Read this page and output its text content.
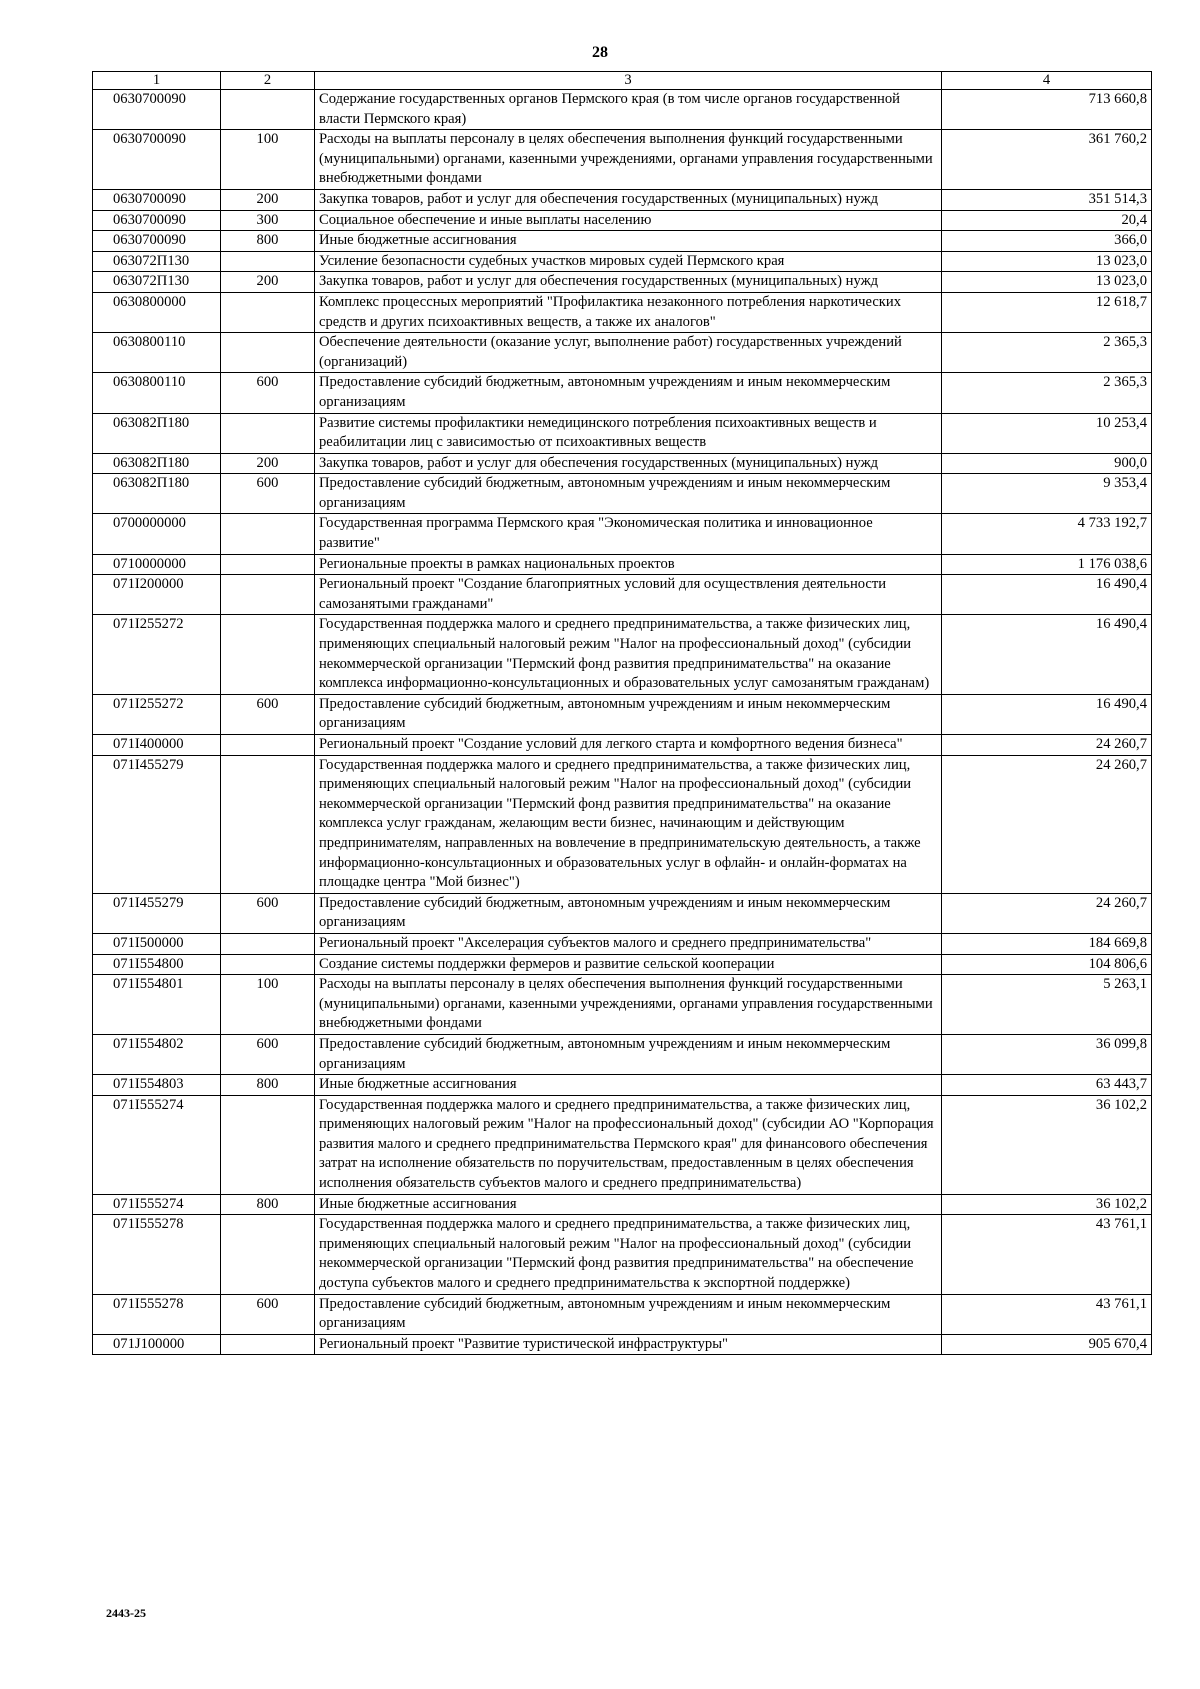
28
1	2	3	4
0630700090		Содержание государственных органов Пермского края (в том числе органов государственной власти Пермского края)	713 660,8
0630700090	100	Расходы на выплаты персоналу в целях обеспечения выполнения функций государственными (муниципальными) органами, казенными учреждениями, органами управления государственными внебюджетными фондами	361 760,2
0630700090	200	Закупка товаров, работ и услуг для обеспечения государственных (муниципальных) нужд	351 514,3
0630700090	300	Социальное обеспечение и иные выплаты населению	20,4
0630700090	800	Иные бюджетные ассигнования	366,0
063072П130		Усиление безопасности судебных участков мировых судей Пермского края	13 023,0
063072П130	200	Закупка товаров, работ и услуг для обеспечения государственных (муниципальных) нужд	13 023,0
0630800000		Комплекс процессных мероприятий "Профилактика незаконного потребления наркотических средств и других психоактивных веществ, а также их аналогов"	12 618,7
0630800110		Обеспечение деятельности (оказание услуг, выполнение работ) государственных учреждений (организаций)	2 365,3
0630800110	600	Предоставление субсидий бюджетным, автономным учреждениям и иным некоммерческим организациям	2 365,3
063082П180		Развитие системы профилактики немедицинского потребления психоактивных веществ и реабилитации лиц с зависимостью от психоактивных веществ	10 253,4
063082П180	200	Закупка товаров, работ и услуг для обеспечения государственных (муниципальных) нужд	900,0
063082П180	600	Предоставление субсидий бюджетным, автономным учреждениям и иным некоммерческим организациям	9 353,4
0700000000		Государственная программа Пермского края "Экономическая политика и инновационное развитие"	4 733 192,7
0710000000		Региональные проекты в рамках национальных проектов	1 176 038,6
071I200000		Региональный проект "Создание благоприятных условий для осуществления деятельности самозанятыми гражданами"	16 490,4
071I255272		Государственная поддержка малого и среднего предпринимательства, а также физических лиц, применяющих специальный налоговый режим "Налог на профессиональный доход" (субсидии некоммерческой организации "Пермский фонд развития предпринимательства" на оказание комплекса информационно-консультационных и образовательных услуг самозанятым гражданам)	16 490,4
071I255272	600	Предоставление субсидий бюджетным, автономным учреждениям и иным некоммерческим организациям	16 490,4
071I400000		Региональный проект "Создание условий для легкого старта и комфортного ведения бизнеса"	24 260,7
071I455279		Государственная поддержка малого и среднего предпринимательства, а также физических лиц, применяющих специальный налоговый режим "Налог на профессиональный доход" (субсидии некоммерческой организации "Пермский фонд развития предпринимательства" на оказание комплекса услуг гражданам, желающим вести бизнес, начинающим и действующим предпринимателям, направленных на вовлечение в предпринимательскую деятельность, а также информационно-консультационных и образовательных услуг в офлайн- и онлайн-форматах на площадке центра "Мой бизнес")	24 260,7
071I455279	600	Предоставление субсидий бюджетным, автономным учреждениям и иным некоммерческим организациям	24 260,7
071I500000		Региональный проект "Акселерация субъектов малого и среднего предпринимательства"	184 669,8
071I554800		Создание системы поддержки фермеров и развитие сельской кооперации	104 806,6
071I554801	100	Расходы на выплаты персоналу в целях обеспечения выполнения функций государственными (муниципальными) органами, казенными учреждениями, органами управления государственными внебюджетными фондами	5 263,1
071I554802	600	Предоставление субсидий бюджетным, автономным учреждениям и иным некоммерческим организациям	36 099,8
071I554803	800	Иные бюджетные ассигнования	63 443,7
071I555274		Государственная поддержка малого и среднего предпринимательства, а также физических лиц, применяющих налоговый режим "Налог на профессиональный доход" (субсидии АО "Корпорация развития малого и среднего предпринимательства Пермского края" для финансового обеспечения затрат на исполнение обязательств по поручительствам, предоставленным в целях обеспечения исполнения обязательств субъектов малого и среднего предпринимательства)	36 102,2
071I555274	800	Иные бюджетные ассигнования	36 102,2
071I555278		Государственная поддержка малого и среднего предпринимательства, а также физических лиц, применяющих специальный налоговый режим "Налог на профессиональный доход" (субсидии некоммерческой организации "Пермский фонд развития предпринимательства" на обеспечение доступа субъектов малого и среднего предпринимательства к экспортной поддержке)	43 761,1
071I555278	600	Предоставление субсидий бюджетным, автономным учреждениям и иным некоммерческим организациям	43 761,1
071J100000		Региональный проект "Развитие туристической инфраструктуры"	905 670,4
2443-25
